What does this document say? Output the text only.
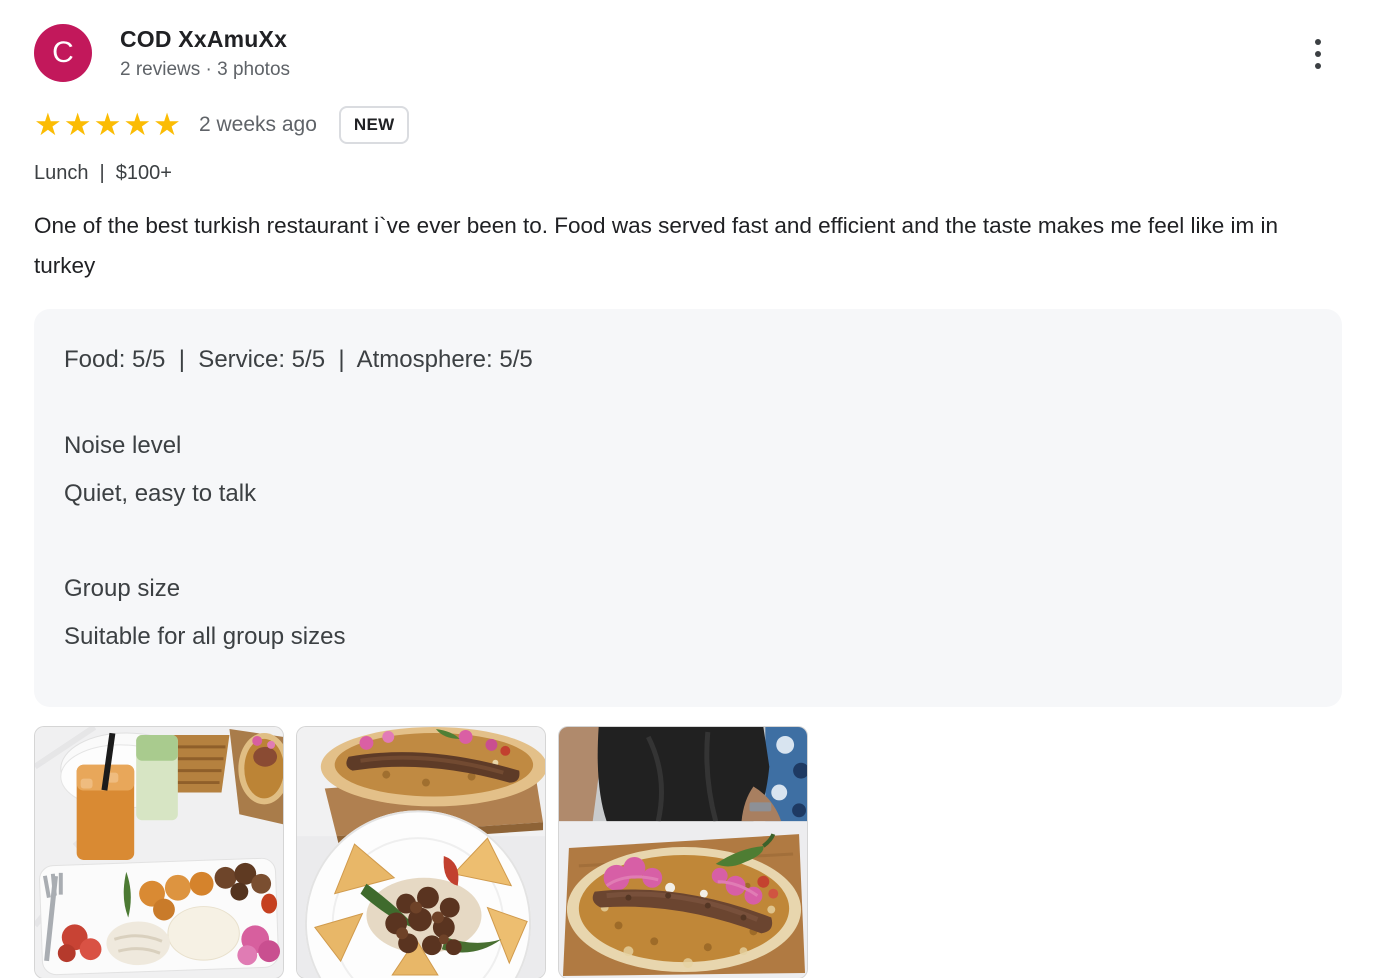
C COD XxAmuXx
2 reviews · 3 photos
★★★★★ 2 weeks ago	NEW
Lunch | $100+

One of the best turkish restaurant i`ve ever been to. Food was served fast and efficient and the taste makes me feel like im in turkey

Food: 5/5  |  Service: 5/5  |  Atmosphere: 5/5
Noise level
Quiet, easy to talk
Group size
Suitable for all group sizes
